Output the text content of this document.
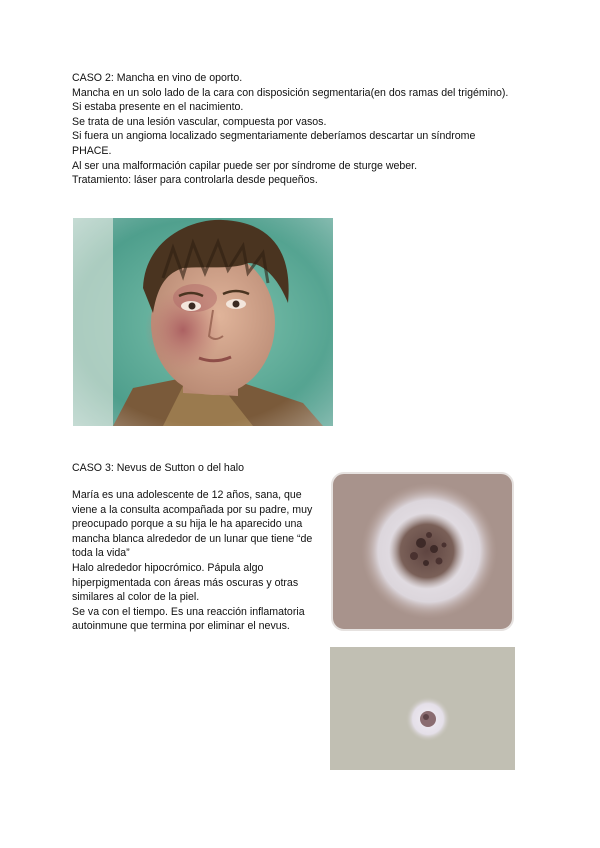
CASO 2: Mancha en vino de oporto.

Mancha en un solo lado de la cara con disposición segmentaria(en dos ramas del trigémino).

Si estaba presente en el nacimiento.

Se trata de una lesión vascular, compuesta por vasos.

Si fuera un angioma localizado segmentariamente deberíamos descartar un síndrome PHACE.

Al ser una malformación capilar puede ser por síndrome de sturge weber.

Tratamiento: láser para controlarla desde pequeños.

CASO 3: Nevus de Sutton o del halo

María es una adolescente de 12 años, sana, que viene a la consulta acompañada por su padre, muy preocupado porque a su hija le ha aparecido una mancha blanca alrededor de un lunar que tiene “de toda la vida”

Halo alrededor hipocrómico. Pápula algo hiperpigmentada con áreas más oscuras y otras similares al color de la piel.

Se va con el tiempo. Es una reacción inflamatoria autoinmune que termina por eliminar el nevus.
